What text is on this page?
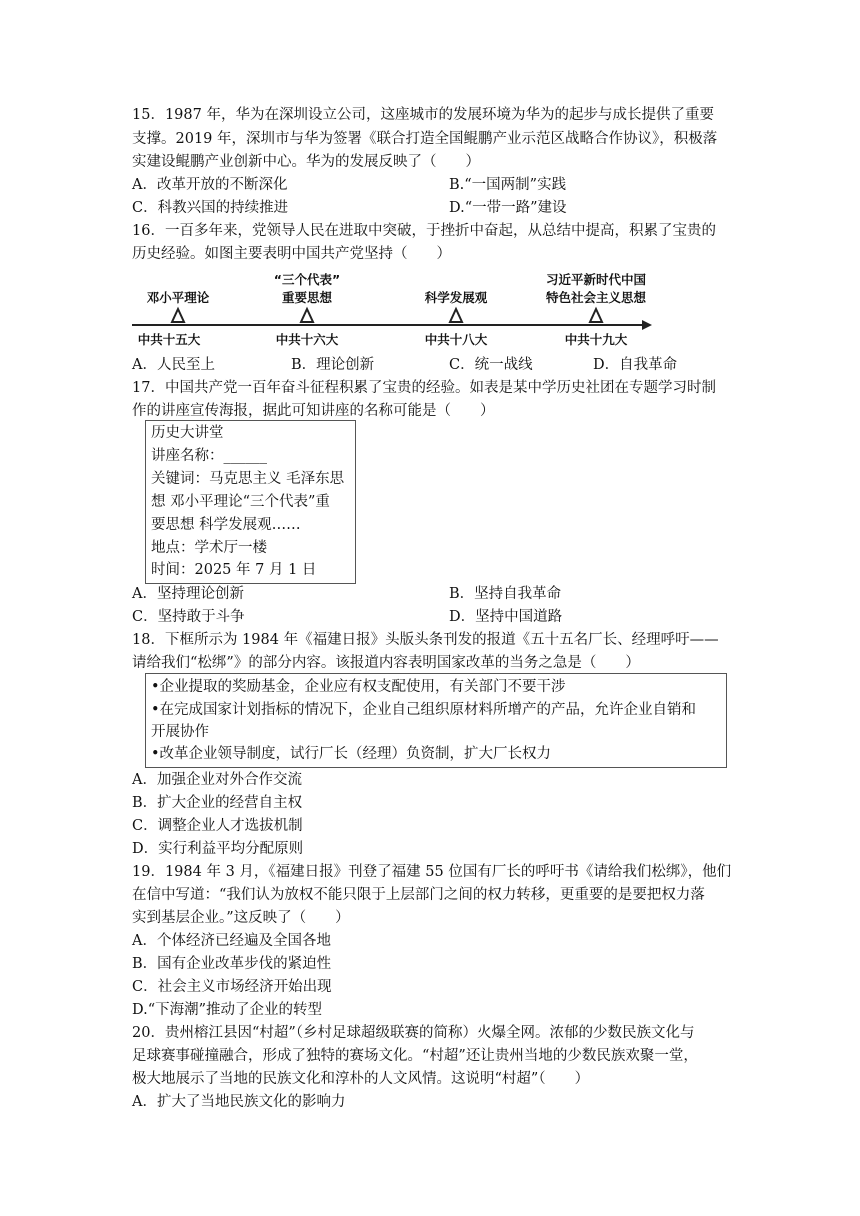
15．1987 年，华为在深圳设立公司，这座城市的发展环境为华为的起步与成长提供了重要
支撑。2019 年，深圳市与华为签署《联合打造全国鲲鹏产业示范区战略合作协议》，积极落
实建设鲲鹏产业创新中心。华为的发展反映了（　　）
A．改革开放的不断深化	B.“一国两制”实践
C．科教兴国的持续推进	D.“一带一路”建设
16．一百多年来，党领导人民在进取中突破，于挫折中奋起，从总结中提高，积累了宝贵的
历史经验。如图主要表明中国共产党坚持（　　）
邓小平理论
“三个代表”
重要思想	科学发展观
习近平新时代中国
特色社会主义思想
中共十五大	中共十六大	中共十八大	中共十九大
A．人民至上	B．理论创新	C．统一战线	D．自我革命
17．中国共产党一百年奋斗征程积累了宝贵的经验。如表是某中学历史社团在专题学习时制
作的讲座宣传海报，据此可知讲座的名称可能是（　　）
历史大讲堂
讲座名称：______
关键词：马克思主义 毛泽东思
想 邓小平理论“三个代表”重
要思想 科学发展观……
地点：学术厅一楼
时间：2025 年 7 月 1 日
A．坚持理论创新	B．坚持自我革命
C．坚持敢于斗争	D．坚持中国道路
18．下框所示为 1984 年《福建日报》头版头条刊发的报道《五十五名厂长、经理呼吁——
请给我们“松绑”》的部分内容。该报道内容表明国家改革的当务之急是（　　）
•企业提取的奖励基金，企业应有权支配使用，有关部门不要干涉
•在完成国家计划指标的情况下，企业自己组织原材料所增产的产品，允许企业自销和
开展协作
•改革企业领导制度，试行厂长（经理）负资制，扩大厂长权力
A．加强企业对外合作交流
B．扩大企业的经营自主权
C．调整企业人才选拔机制
D．实行利益平均分配原则
19．1984 年 3 月，《福建日报》刊登了福建 55 位国有厂长的呼吁书《请给我们松绑》，他们
在信中写道：“我们认为放权不能只限于上层部门之间的权力转移，更重要的是要把权力落
实到基层企业。”这反映了（　　）
A．个体经济已经遍及全国各地
B．国有企业改革步伐的紧迫性
C．社会主义市场经济开始出现
D.“下海潮”推动了企业的转型
20．贵州榕江县因“村超”（乡村足球超级联赛的简称）火爆全网。浓郁的少数民族文化与
足球赛事碰撞融合，形成了独特的赛场文化。“村超”还让贵州当地的少数民族欢聚一堂，
极大地展示了当地的民族文化和淳朴的人文风情。这说明“村超”（　　）
A．扩大了当地民族文化的影响力
